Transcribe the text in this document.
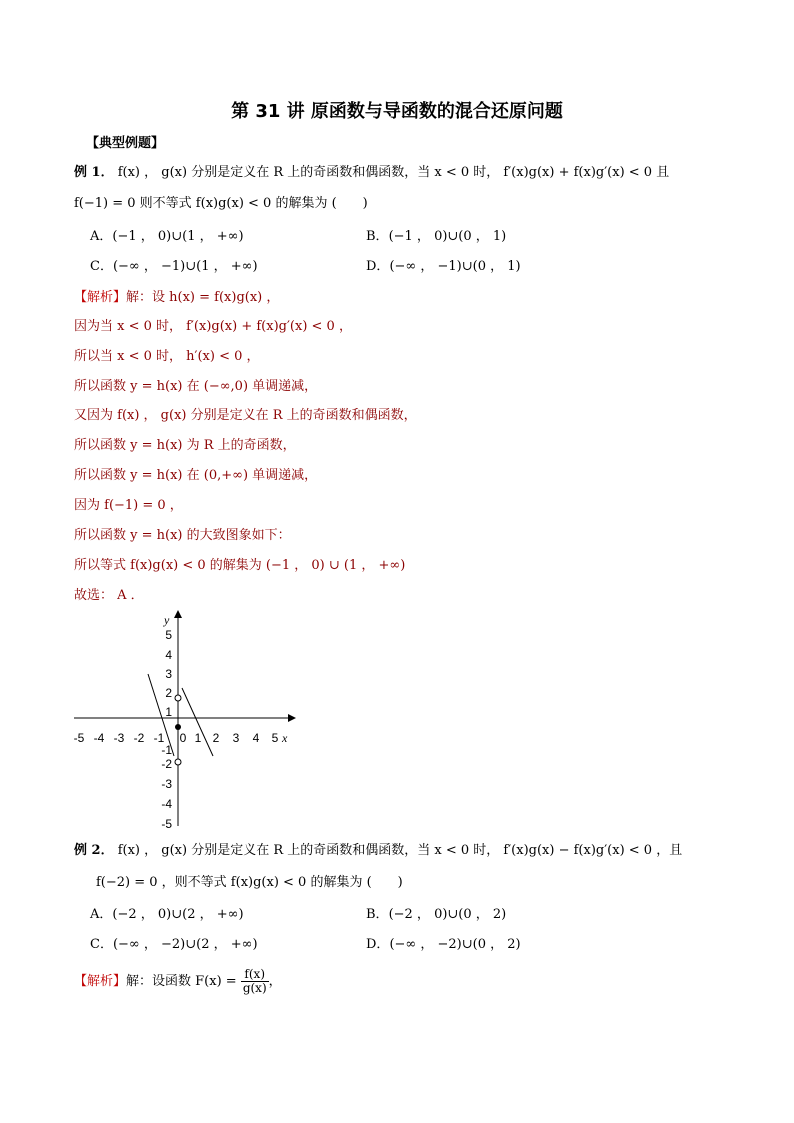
第 31 讲 原函数与导函数的混合还原问题
【典型例题】
例 1． f(x) ， g(x) 分别是定义在 R 上的奇函数和偶函数，当 x < 0 时， f′(x)g(x) + f(x)g′(x) < 0 且
f(−1) = 0 则不等式 f(x)g(x) < 0 的解集为 (　　)
A．(−1 ， 0)∪(1 ， +∞)	B．(−1 ， 0)∪(0 ， 1)
C．(−∞ ， −1)∪(1 ， +∞)	D．(−∞ ， −1)∪(0 ， 1)
【解析】解：设 h(x) = f(x)g(x) ，
因为当 x < 0 时， f′(x)g(x) + f(x)g′(x) < 0 ，
所以当 x < 0 时， h′(x) < 0 ，
所以函数 y = h(x) 在 (−∞,0) 单调递减，
又因为 f(x) ， g(x) 分别是定义在 R 上的奇函数和偶函数，
所以函数 y = h(x) 为 R 上的奇函数，
所以函数 y = h(x) 在 (0,+∞) 单调递减，
因为 f(−1) = 0 ，
所以函数 y = h(x) 的大致图象如下：
所以等式 f(x)g(x) < 0 的解集为 (−1 ， 0) ∪ (1 ， +∞)
故选： A ．
x
y
-5 -4 -3 -2 -1 0 1 2 3 4 5
5
4
3
2
1
-1
-2
-3
-4
-5
例 2． f(x) ， g(x) 分别是定义在 R 上的奇函数和偶函数，当 x < 0 时， f′(x)g(x) − f(x)g′(x) < 0 ，且
f(−2) = 0 ，则不等式 f(x)g(x) < 0 的解集为 (　　)
A．(−2 ， 0)∪(2 ， +∞)	B．(−2 ， 0)∪(0 ， 2)
C．(−∞ ， −2)∪(2 ， +∞)	D．(−∞ ， −2)∪(0 ， 2)
【解析】解：设函数 $F(x) = \frac{f(x)}{g(x)}$ ，
